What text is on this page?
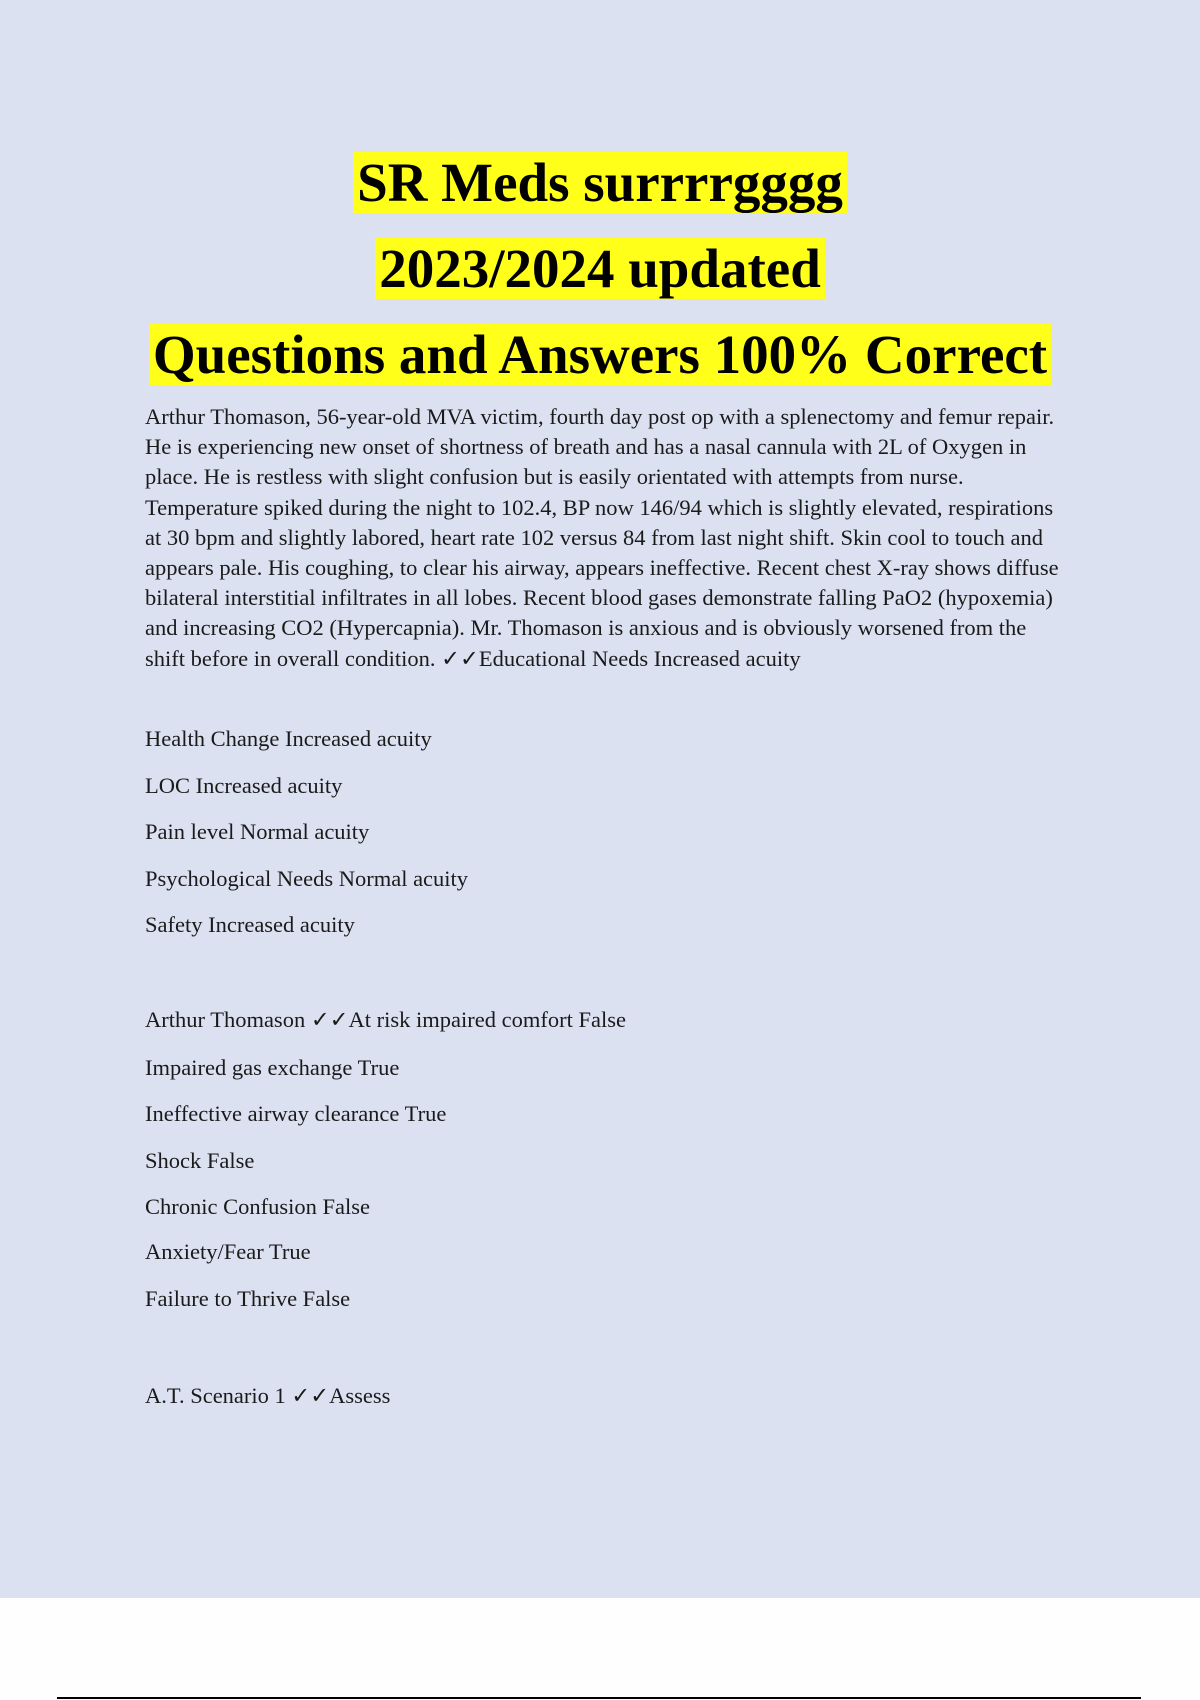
SR Meds surrrrgggg
2023/2024 updated
Questions and Answers 100% Correct

Arthur Thomason, 56-year-old MVA victim, fourth day post op with a splenectomy and femur repair. He is experiencing new onset of shortness of breath and has a nasal cannula with 2L of Oxygen in place. He is restless with slight confusion but is easily orientated with attempts from nurse. Temperature spiked during the night to 102.4, BP now 146/94 which is slightly elevated, respirations at 30 bpm and slightly labored, heart rate 102 versus 84 from last night shift. Skin cool to touch and appears pale. His coughing, to clear his airway, appears ineffective. Recent chest X-ray shows diffuse bilateral interstitial infiltrates in all lobes. Recent blood gases demonstrate falling PaO2 (hypoxemia) and increasing CO2 (Hypercapnia). Mr. Thomason is anxious and is obviously worsened from the shift before in overall condition. ✓✓Educational Needs Increased acuity

Health Change Increased acuity
LOC Increased acuity
Pain level Normal acuity
Psychological Needs Normal acuity
Safety Increased acuity
Arthur Thomason ✓✓At risk impaired comfort False
Impaired gas exchange True
Ineffective airway clearance True
Shock False
Chronic Confusion False
Anxiety/Fear True
Failure to Thrive False
A.T. Scenario 1 ✓✓Assess
